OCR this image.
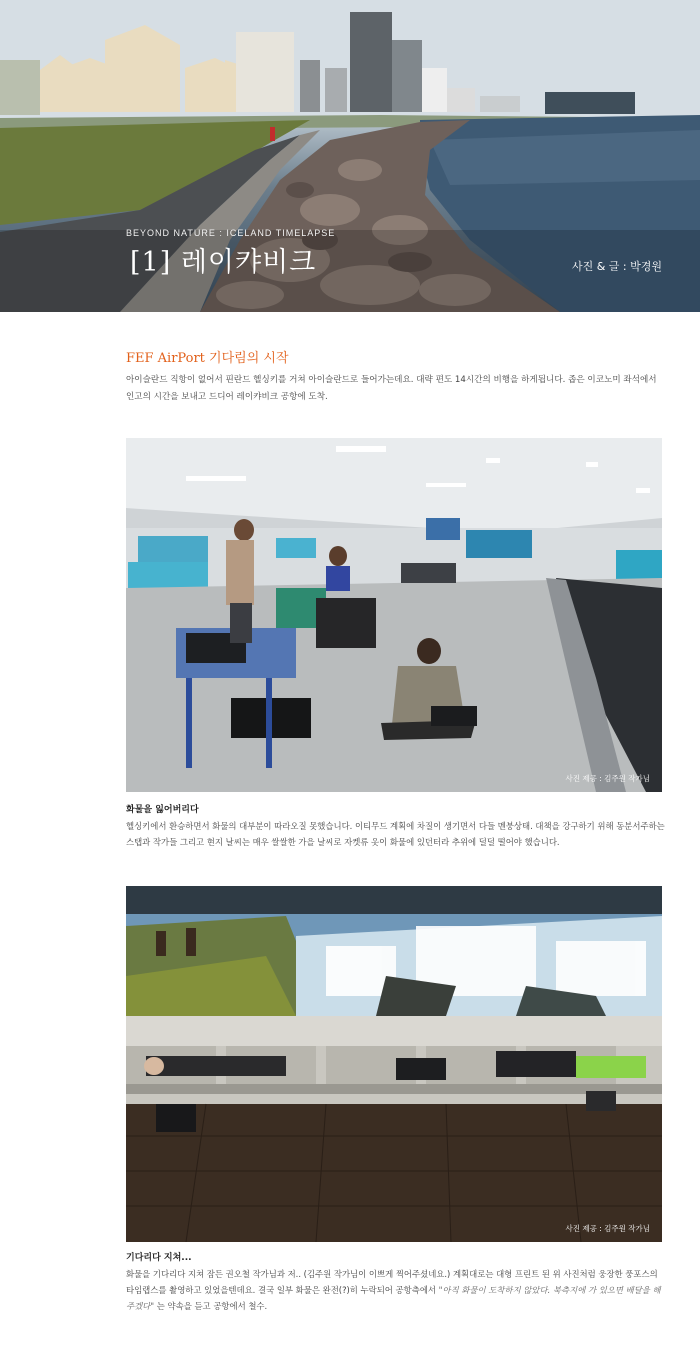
BEYOND NATURE : ICELAND TIMELAPSE
[1] 레이캬비크	사진 & 글 : 박경원
FEF AirPort 기다림의 시작

아이슬란드 직항이 없어서 핀란드 헬싱키를 거쳐 아이슬란드로 들어가는데요. 대략 편도 14시간의 비행을 하게됩니다. 좁은 이코노미 좌석에서 인고의 시간을 보내고 드디어 레이캬비크 공항에 도착.

사진 제공 : 김주원 작가님
화물을 잃어버리다

헬싱키에서 환승하면서 화물의 대부분이 따라오질 못했습니다. 이티무드 계획에 차질이 생기면서 다들 멘붕상태. 대책을 강구하기 위해 동분서주하는 스탭과 작가들 그리고 현지 날씨는 매우 쌀쌀한 가을 날씨로 자켓류 옷이 화물에 있던터라 추위에 덜덜 떨어야 했습니다.

사진 제공 : 김주원 작가님
기다리다 지쳐...

화물을 기다리다 지쳐 잠든 권오철 작가님과 저.. (김주원 작가님이 이쁘게 찍어주셨네요.) 계획대로는 대형 프린트 된 위 사진처럼 웅장한 풍포스의 타임랩스를 촬영하고 있었을텐데요. 결국 일부 화물은 완전(?)히 누락되어 공항측에서 "아직 화물이 도착하지 않았다. 북측지에 가 있으면 배달을 해주겠다" 는 약속을 듣고 공항에서 철수.
